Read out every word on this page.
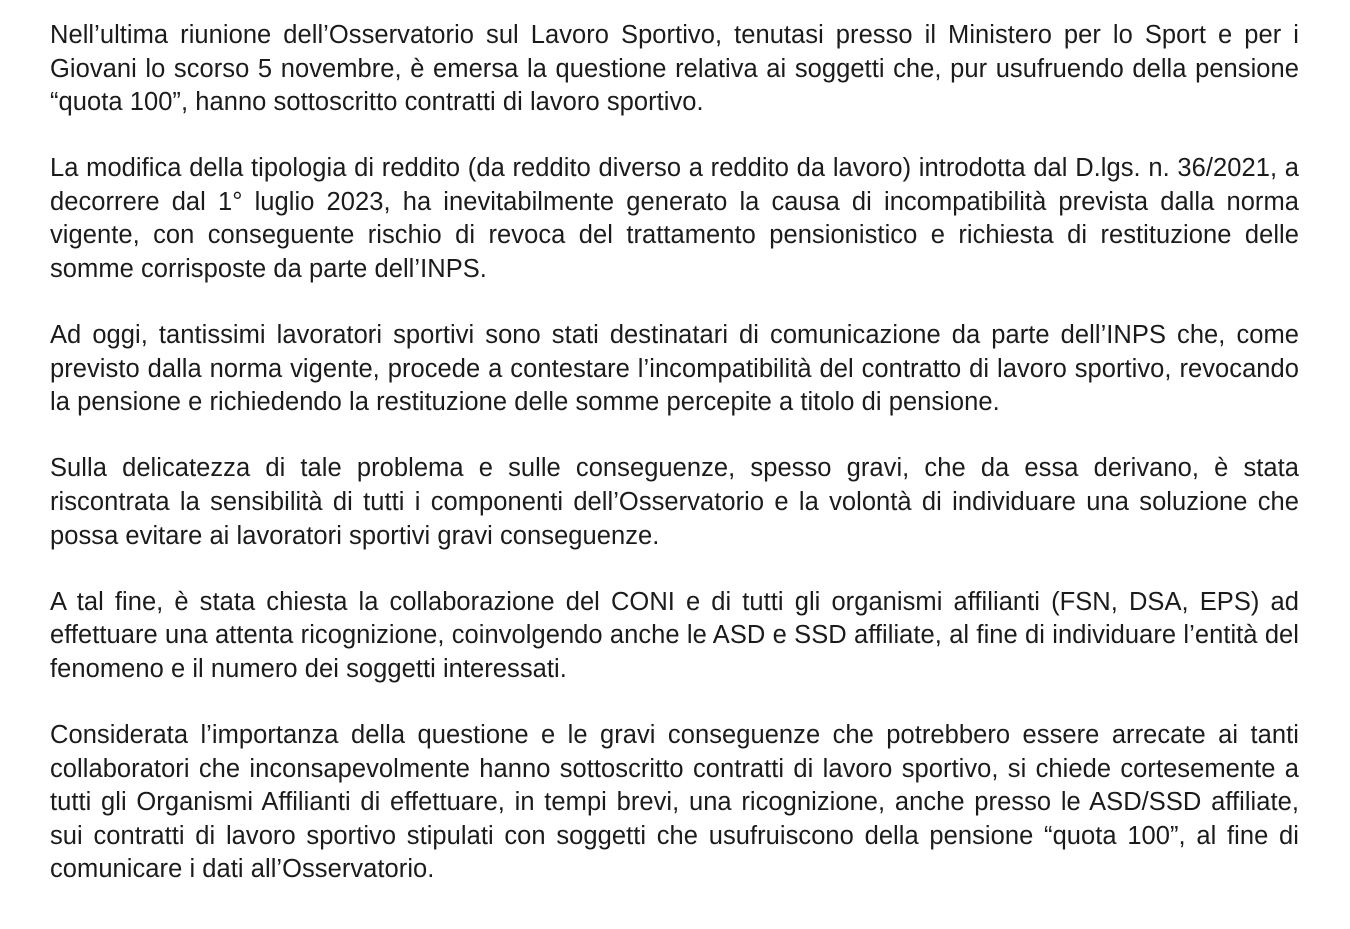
Nell’ultima riunione dell’Osservatorio sul Lavoro Sportivo, tenutasi presso il Ministero per lo Sport e per i Giovani lo scorso 5 novembre, è emersa la questione relativa ai soggetti che, pur usufruendo della pensione “quota 100”, hanno sottoscritto contratti di lavoro sportivo.

La modifica della tipologia di reddito (da reddito diverso a reddito da lavoro) introdotta dal D.lgs. n. 36/2021, a decorrere dal 1° luglio 2023, ha inevitabilmente generato la causa di incompatibilità prevista dalla norma vigente, con conseguente rischio di revoca del trattamento pensionistico e richiesta di restituzione delle somme corrisposte da parte dell’INPS.

Ad oggi, tantissimi lavoratori sportivi sono stati destinatari di comunicazione da parte dell’INPS che, come previsto dalla norma vigente, procede a contestare l’incompatibilità del contratto di lavoro sportivo, revocando la pensione e richiedendo la restituzione delle somme percepite a titolo di pensione.

Sulla delicatezza di tale problema e sulle conseguenze, spesso gravi, che da essa derivano, è stata riscontrata la sensibilità di tutti i componenti dell’Osservatorio e la volontà di individuare una soluzione che possa evitare ai lavoratori sportivi gravi conseguenze.

A tal fine, è stata chiesta la collaborazione del CONI e di tutti gli organismi affilianti (FSN, DSA, EPS) ad effettuare una attenta ricognizione, coinvolgendo anche le ASD e SSD affiliate, al fine di individuare l’entità del fenomeno e il numero dei soggetti interessati.

Considerata l’importanza della questione e le gravi conseguenze che potrebbero essere arrecate ai tanti collaboratori che inconsapevolmente hanno sottoscritto contratti di lavoro sportivo, si chiede cortesemente a tutti gli Organismi Affilianti di effettuare, in tempi brevi, una ricognizione, anche presso le ASD/SSD affiliate, sui contratti di lavoro sportivo stipulati con soggetti che usufruiscono della pensione “quota 100”, al fine di comunicare i dati all’Osservatorio.
